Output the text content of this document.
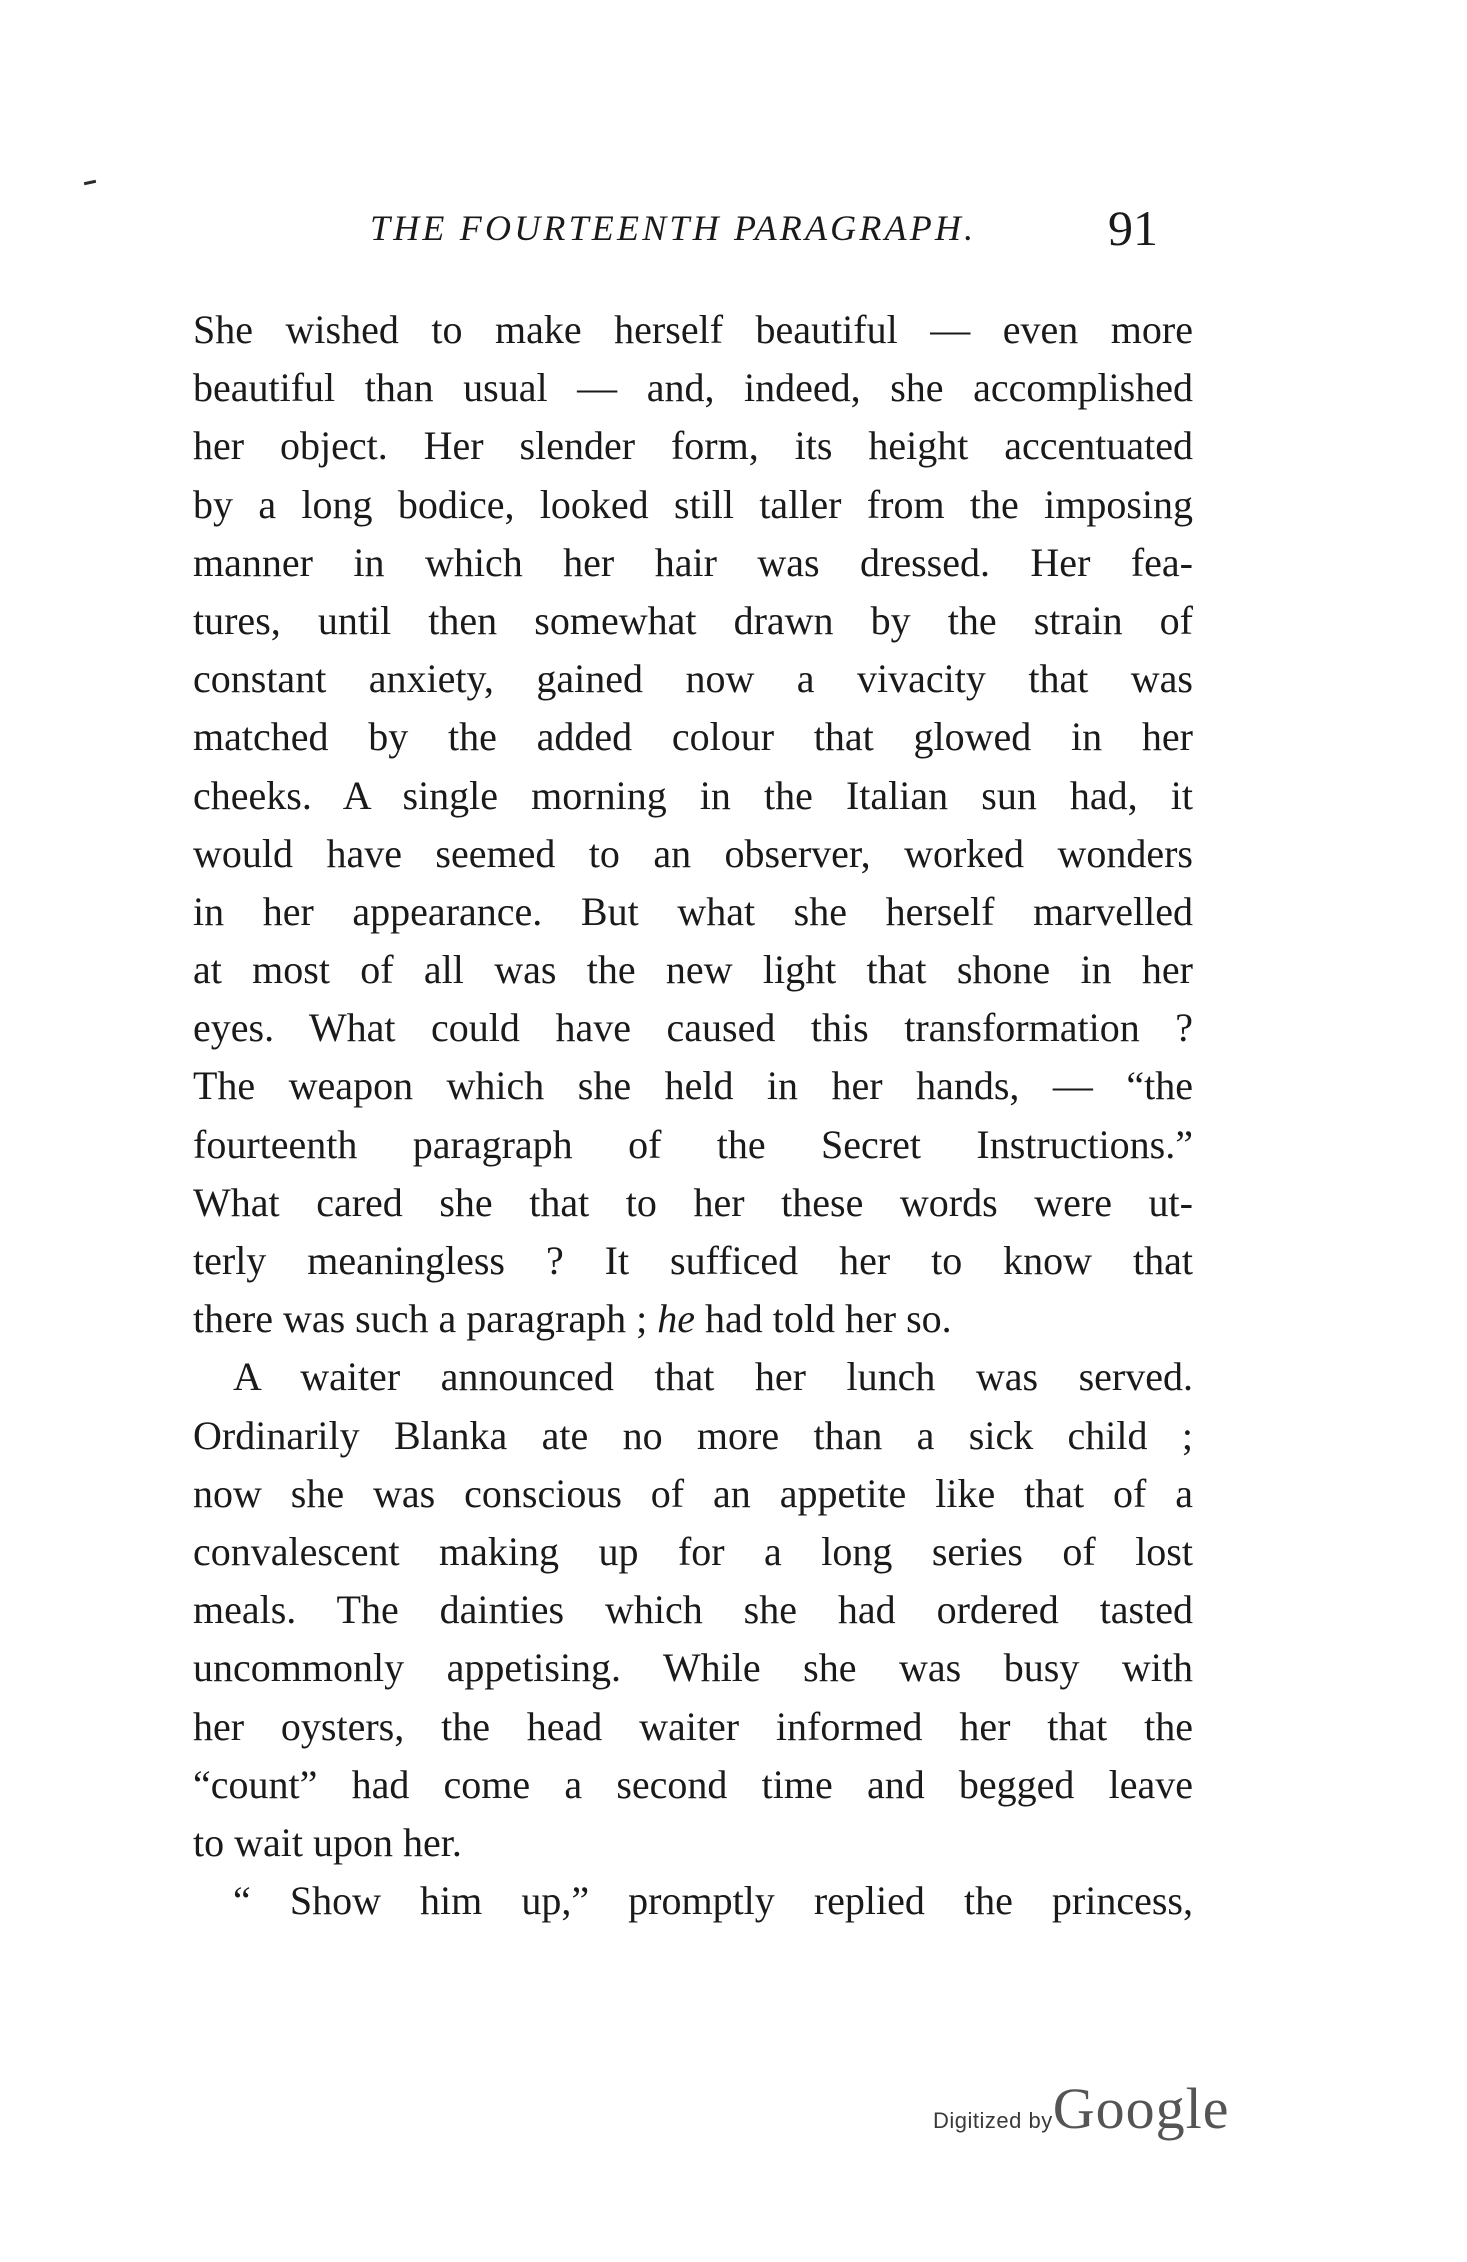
THE FOURTEENTH PARAGRAPH.	91
She wished to make herself beautiful — even more
beautiful than usual — and, indeed, she accomplished
her object. Her slender form, its height accentuated
by a long bodice, looked still taller from the imposing
manner in which her hair was dressed. Her fea-
tures, until then somewhat drawn by the strain of
constant anxiety, gained now a vivacity that was
matched by the added colour that glowed in her
cheeks. A single morning in the Italian sun had, it
would have seemed to an observer, worked wonders
in her appearance. But what she herself marvelled
at most of all was the new light that shone in her
eyes. What could have caused this transformation ?
The weapon which she held in her hands, — “the
fourteenth paragraph of the Secret Instructions.”
What cared she that to her these words were ut-
terly meaningless ? It sufficed her to know that
there was such a paragraph ; he had told her so.
A waiter announced that her lunch was served.
Ordinarily Blanka ate no more than a sick child ;
now she was conscious of an appetite like that of a
convalescent making up for a long series of lost
meals. The dainties which she had ordered tasted
uncommonly appetising. While she was busy with
her oysters, the head waiter informed her that the
“count” had come a second time and begged leave
to wait upon her.
“ Show him up,” promptly replied the princess,
Digitized byGoogle
